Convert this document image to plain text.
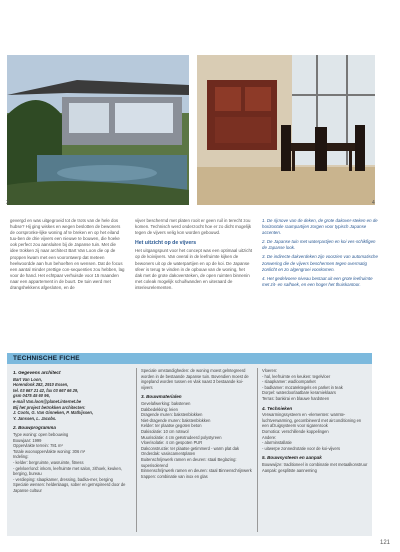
3	4

gevergd en was uitgegroeid tot de trots van de hele dos hubse? Hij ging wiskes en wegen beslotten de bewoners de oorspronke-lijke woning af te breken en op het eiland tuu-ben de drie vijvers een nieuwe te bouwen, die hoeke ook perfect zou aansluiten bij de Japanse tuin. Met die idee trokken zij naar architect Bart Van Loon die op de proppen kwam met een voorontwerp dat meteen heelwoordde aan hun behoeften en wensen. Dat de focus een aantal minder prettige con-sequenties zou hebben, lag voor de hand. Het echtpaar verhuisde voor 15 maanden naar een appartement in de buurt. De tuin werd met drangshekkens afgesloten, en de

vijver beschermd met platen rooit er geen ruil in terecht zou komen. Technisch werd onderzocht hoe er zo dicht mogelijk tegen de vijvers velig kon worden gebouwd.

Het uitzicht op de vijvers

Het uitgangspunt voor het concept was een optimaal uitzicht op de koivijvers. Van overal in de leefruimte kijken de bewoners uit op de waterpartijen en op de koi. De Japanse sfeer is terug te vinden in de opbouw van de woning, het dak met de grote dakoversteken, de open ruimten binnenin met coleak mogelijk schuifwanden en uiteraard de interieurelementen.

1. De rijrnove van de deken, de grote dakover-steken en de horizontale raampartijen zorgen voor typisch Japanse accenten.

2. De Japanse tuin met waterpartijen en koi ves-schikfigen de Japanse look.

3. De indirecte dakverdeken zijn voorzien van automatische zonwering die de vijvers beschermen tegen overmatig zonlicht en zo algengroei voorkomen.

4. Het gedelvoere niveau bestaat uit een grote leefruimte met zit- en salhoek, en een hoger het thuiskantoor.

TECHNISCHE FICHE
1. Gegevens architect
Bart Van Loon,
Horendonk 282, 2910 Essen,
tel. 03 667 21 42, fax 03 667 66 29,
gsm 0475 45 60 96,
e-mail Van.loon@planet.internet.be
Bij het project betrokken architecten:
J. Coots, G. Van Ginneken, P. Mathijssen,
Y. Janssen, L. Jacobs.
2. Bouwprogramma
Type woning: open bebouwing
Bouwjaar: 1999
Oppervlakte terrein: 781 m²
Totale woonoppervlakte woning: 306 m²
Indeling:
- kelder: bergruimte, wasruimte, fitness
- gelvloer/ond: inkom, leefruimte met salon, zithoek, keuken, berging, bureau
- verdieping: slaapkamer, dressing, badka-mer, berging
Speciale wensen: heldenlaags, sober en geïnspireerd door de Japanse cultuur
Speciale omstandigheden: de woning moest gelntegreerd worden in de bestaande Japanse tuin. Bovendien moest de ingepland worden tussen en vlak naast 3 bestaande koi-vijvers
3. Bouwmaterialen
Gevelafwerking: bakstenen
Dakbedekking: leien
Dragende muren: bakstenblokken
Niet-dragende muren: bakstenblokken
Kelder: ter plaatse gegoten beton
Dakisolatie: 10 cm rotswol
Muurisolatie: 4 cm geëxtrudeerd polystyreen
Vloerisolatie: 4 cm gespoten PUR
Dakconstructie: ter plaatse getimmerd - warm plat dak
Onderdak: vasiscamentplaten
Buitenschrijnwerk ramen en deuren: staal Beglazing: superisolerend
Binnenschrijnwerk ramen en deuren: staal Binnenschrijnwerk trappen: combinatie van inox en glas
Vloeren:
- hal, leefruimte en keuken: tegelvloer
- slaapkamer: wadloomparket
- badkamer: mozaïektegels en parket in teak
Dorpel: waterdoorlaatbare keramieklaars
Terras: bankirai en blauwe hardsteen
4. Technieken
Verwarmingssysteem en -elementen: warmte-luchtverwarming, gecombineerd met airconditioning en een afzuigsysteem voor sigarenrook
Domotica: verschillende koppelingen
Andere:
- alarminstallatie
- uitwerpe zonnedrotatie voor de koi-vijvers
5. Bouwsysteem en aanpak
Bouwwijze: traditioneel in combinatie met metaalkonstruur
Aanpak: gesplitste aanneming
121
